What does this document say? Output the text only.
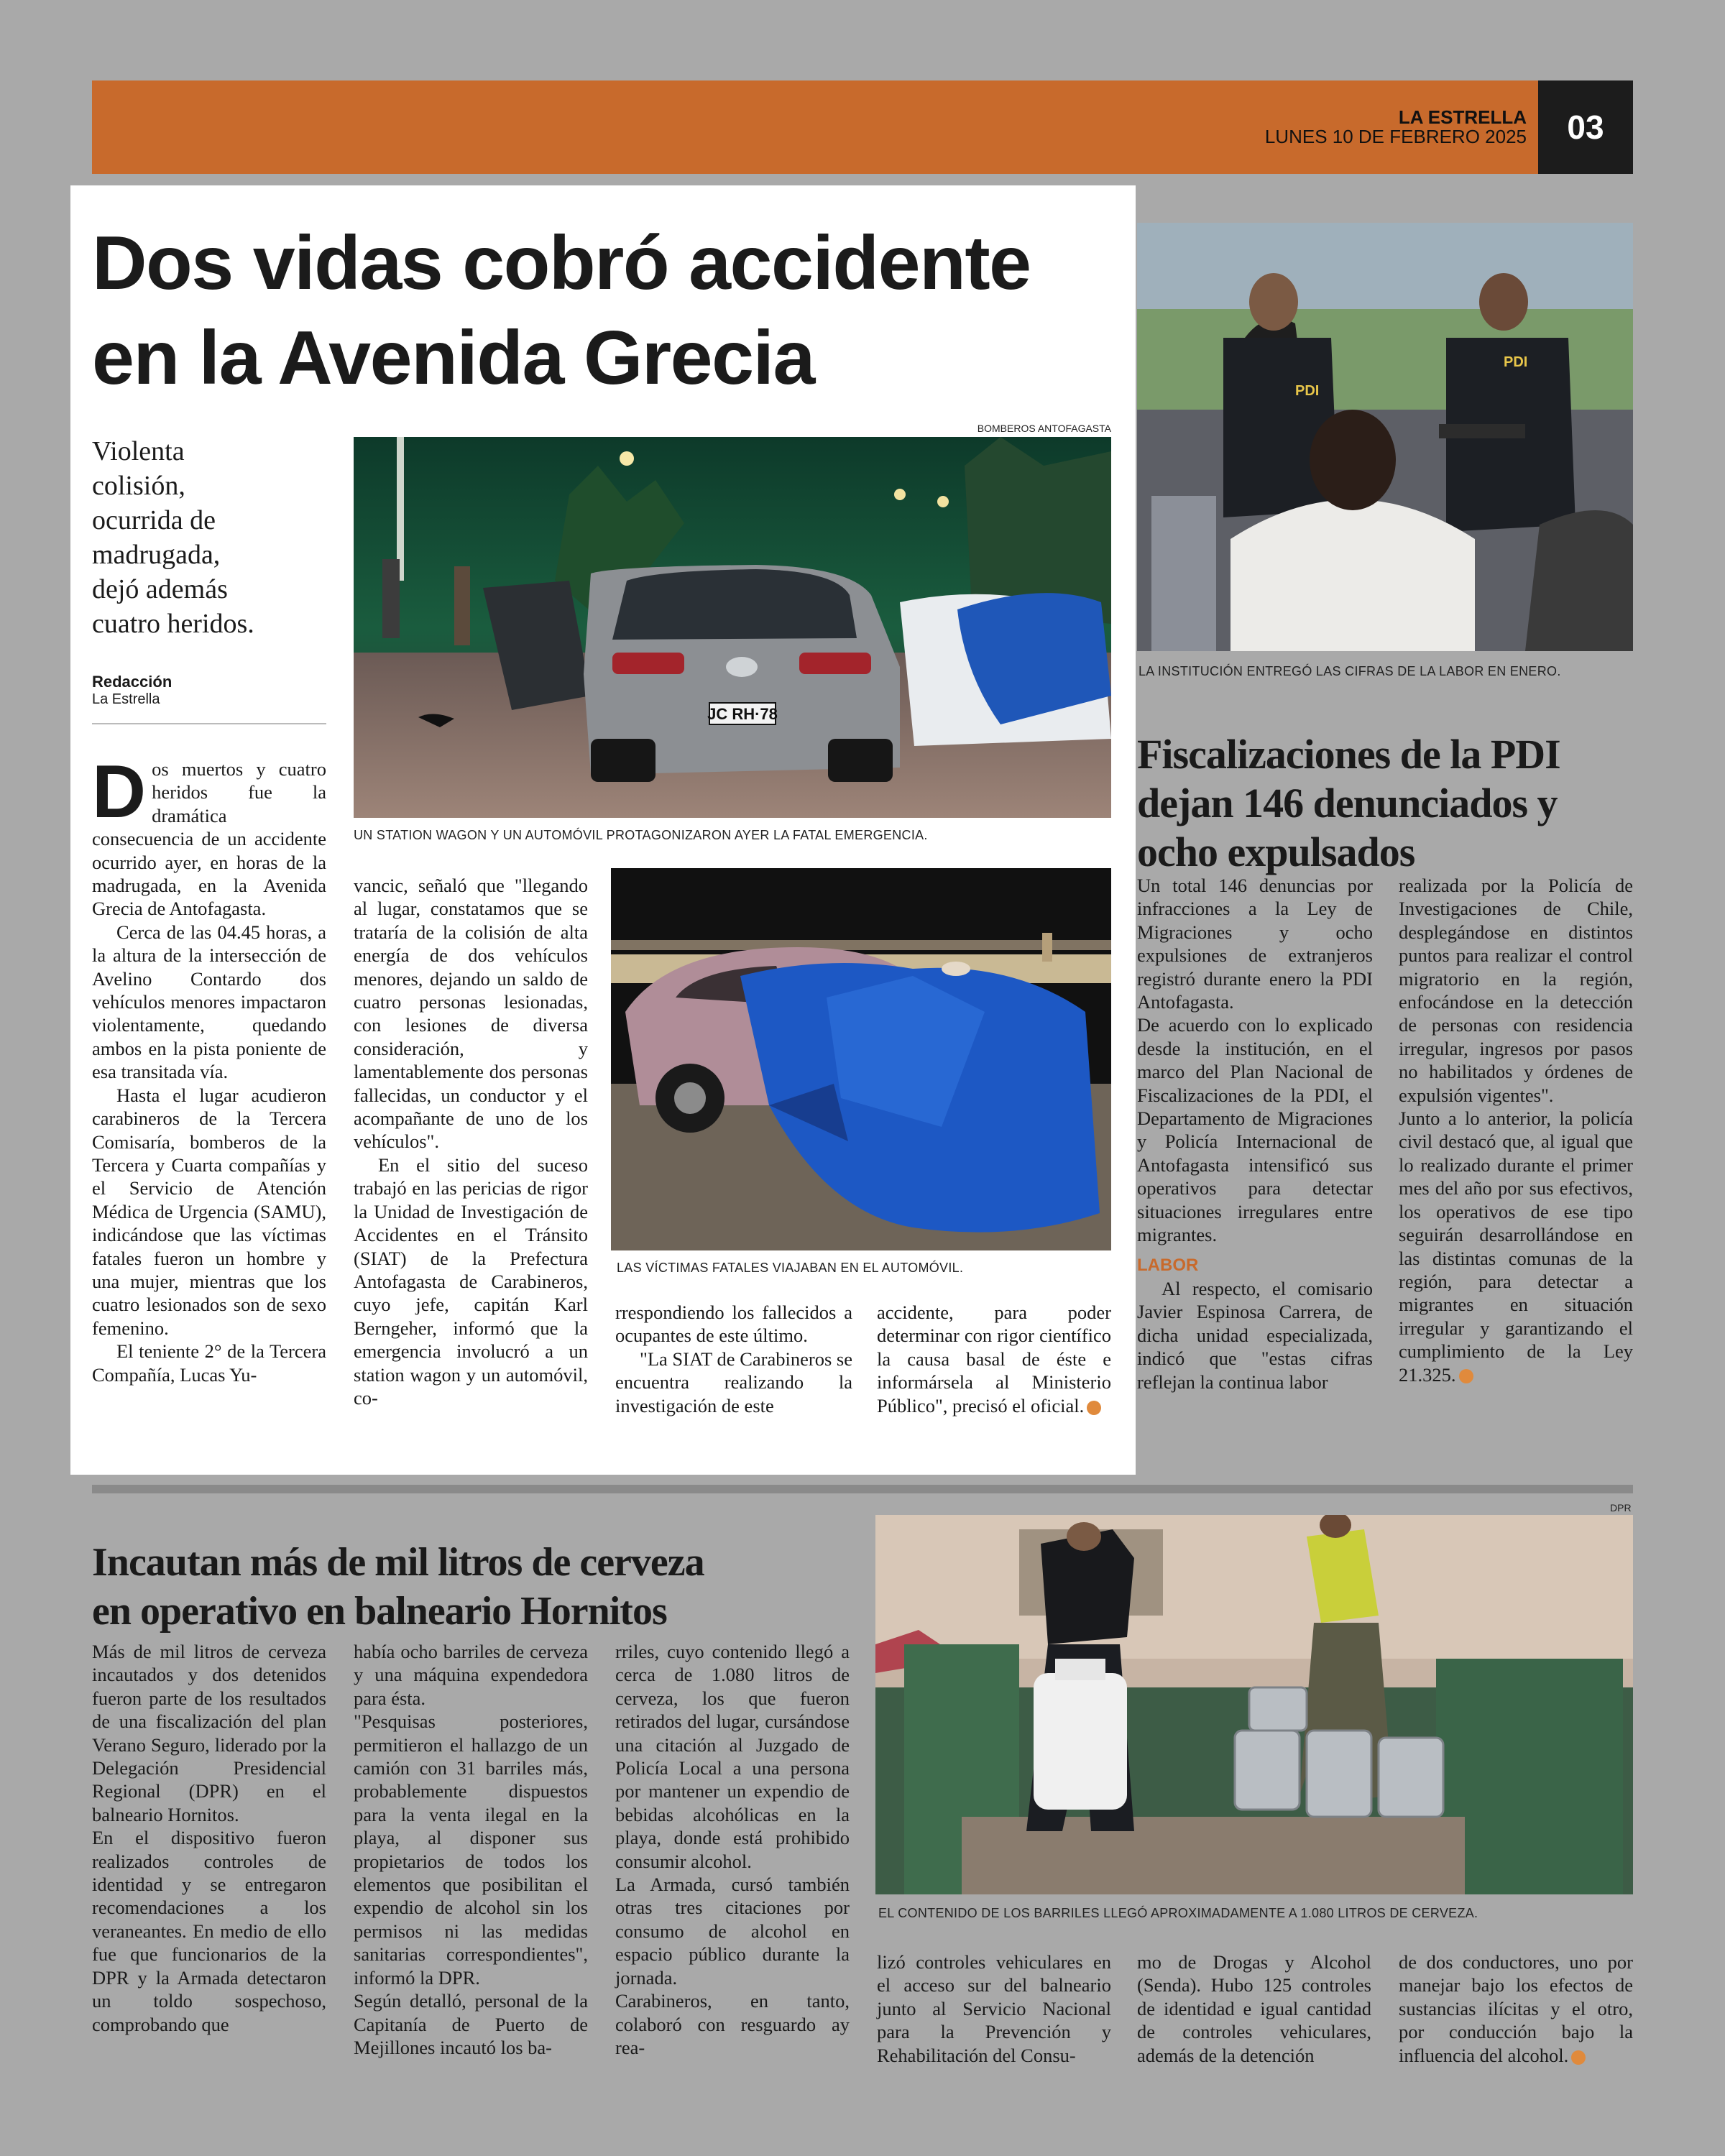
LA ESTRELLA
LUNES 10 DE FEBRERO 2025	03
Dos vidas cobró accidente
en la Avenida Grecia
Violenta colisión, ocurrida de madrugada, dejó además cuatro heridos.
Redacción
La Estrella
BOMBEROS ANTOFAGASTA
JC RH·78
UN STATION WAGON Y UN AUTOMÓVIL PROTAGONIZARON AYER LA FATAL EMERGENCIA.
LAS VÍCTIMAS FATALES VIAJABAN EN EL AUTOMÓVIL.
D os muertos y cuatro heridos fue la dramática consecuencia de un accidente ocurrido ayer, en horas de la madrugada, en la Avenida Grecia de Antofagasta.

Cerca de las 04.45 horas, a la altura de la intersección de Avelino Contardo dos vehículos menores impactaron violentamente, quedando ambos en la pista poniente de esa transitada vía.

Hasta el lugar acudieron carabineros de la Tercera Comisaría, bomberos de la Tercera y Cuarta compañías y el Servicio de Atención Médica de Urgencia (SAMU), indicándose que las víctimas fatales fueron un hombre y una mujer, mientras que los cuatro lesionados son de sexo femenino.

El teniente 2° de la Tercera Compañía, Lucas Yu-

vancic, señaló que "llegando al lugar, constatamos que se trataría de la colisión de alta energía de dos vehículos menores, dejando un saldo de cuatro personas lesionadas, con lesiones de diversa consideración, y lamentablemente dos personas fallecidas, un conductor y el acompañante de uno de los vehículos".

En el sitio del suceso trabajó en las pericias de rigor la Unidad de Investigación de Accidentes en el Tránsito (SIAT) de la Prefectura Antofagasta de Carabineros, cuyo jefe, capitán Karl Berngeher, informó que la emergencia involucró a un station wagon y un automóvil, co-

rrespondiendo los fallecidos a ocupantes de este último.

"La SIAT de Carabineros se encuentra realizando la investigación de este

accidente, para poder determinar con rigor científico la causa basal de éste e informársela al Ministerio Público", precisó el oficial.

PDI
PDI
LA INSTITUCIÓN ENTREGÓ LAS CIFRAS DE LA LABOR EN ENERO.
Fiscalizaciones de la PDI dejan 146 denunciados y ocho expulsados

Un total 146 denuncias por infracciones a la Ley de Migraciones y ocho expulsiones de extranjeros registró durante enero la PDI Antofagasta.

De acuerdo con lo explicado desde la institución, en el marco del Plan Nacional de Fiscalizaciones de la PDI, el Departamento de Migraciones y Policía Internacional de Antofagasta intensificó sus operativos para detectar situaciones irregulares entre migrantes.

LABOR

Al respecto, el comisario Javier Espinosa Carrera, de dicha unidad especializada, indicó que "estas cifras reflejan la continua labor

realizada por la Policía de Investigaciones de Chile, desplegándose en distintos puntos para realizar el control migratorio en la región, enfocándose en la detección de personas con residencia irregular, ingresos por pasos no habilitados y órdenes de expulsión vigentes".

Junto a lo anterior, la policía civil destacó que, al igual que lo realizado durante el primer mes del año por sus efectivos, los operativos de ese tipo seguirán desarrollándose en las distintas comunas de la región, para detectar a migrantes en situación irregular y garantizando el cumplimiento de la Ley 21.325.

Incautan más de mil litros de cerveza
en operativo en balneario Hornitos
DPR
EL CONTENIDO DE LOS BARRILES LLEGÓ APROXIMADAMENTE A 1.080 LITROS DE CERVEZA.

Más de mil litros de cerveza incautados y dos detenidos fueron parte de los resultados de una fiscalización del plan Verano Seguro, liderado por la Delegación Presidencial Regional (DPR) en el balneario Hornitos.

En el dispositivo fueron realizados controles de identidad y se entregaron recomendaciones a los veraneantes. En medio de ello fue que funcionarios de la DPR y la Armada detectaron un toldo sospechoso, comprobando que

había ocho barriles de cerveza y una máquina expendedora para ésta.

"Pesquisas posteriores, permitieron el hallazgo de un camión con 31 barriles más, probablemente dispuestos para la venta ilegal en la playa, al disponer sus propietarios de todos los elementos que posibilitan el expendio de alcohol sin los permisos ni las medidas sanitarias correspondientes", informó la DPR.

Según detalló, personal de la Capitanía de Puerto de Mejillones incautó los ba-

rriles, cuyo contenido llegó a cerca de 1.080 litros de cerveza, los que fueron retirados del lugar, cursándose una citación al Juzgado de Policía Local a una persona por mantener un expendio de bebidas alcohólicas en la playa, donde está prohibido consumir alcohol.

La Armada, cursó también otras tres citaciones por consumo de alcohol en espacio público durante la jornada.

Carabineros, en tanto, colaboró con resguardo ay rea-

lizó controles vehiculares en el acceso sur del balneario junto al Servicio Nacional para la Prevención y Rehabilitación del Consu-

mo de Drogas y Alcohol (Senda). Hubo 125 controles de identidad e igual cantidad de controles vehiculares, además de la detención

de dos conductores, uno por manejar bajo los efectos de sustancias ilícitas y el otro, por conducción bajo la influencia del alcohol.
